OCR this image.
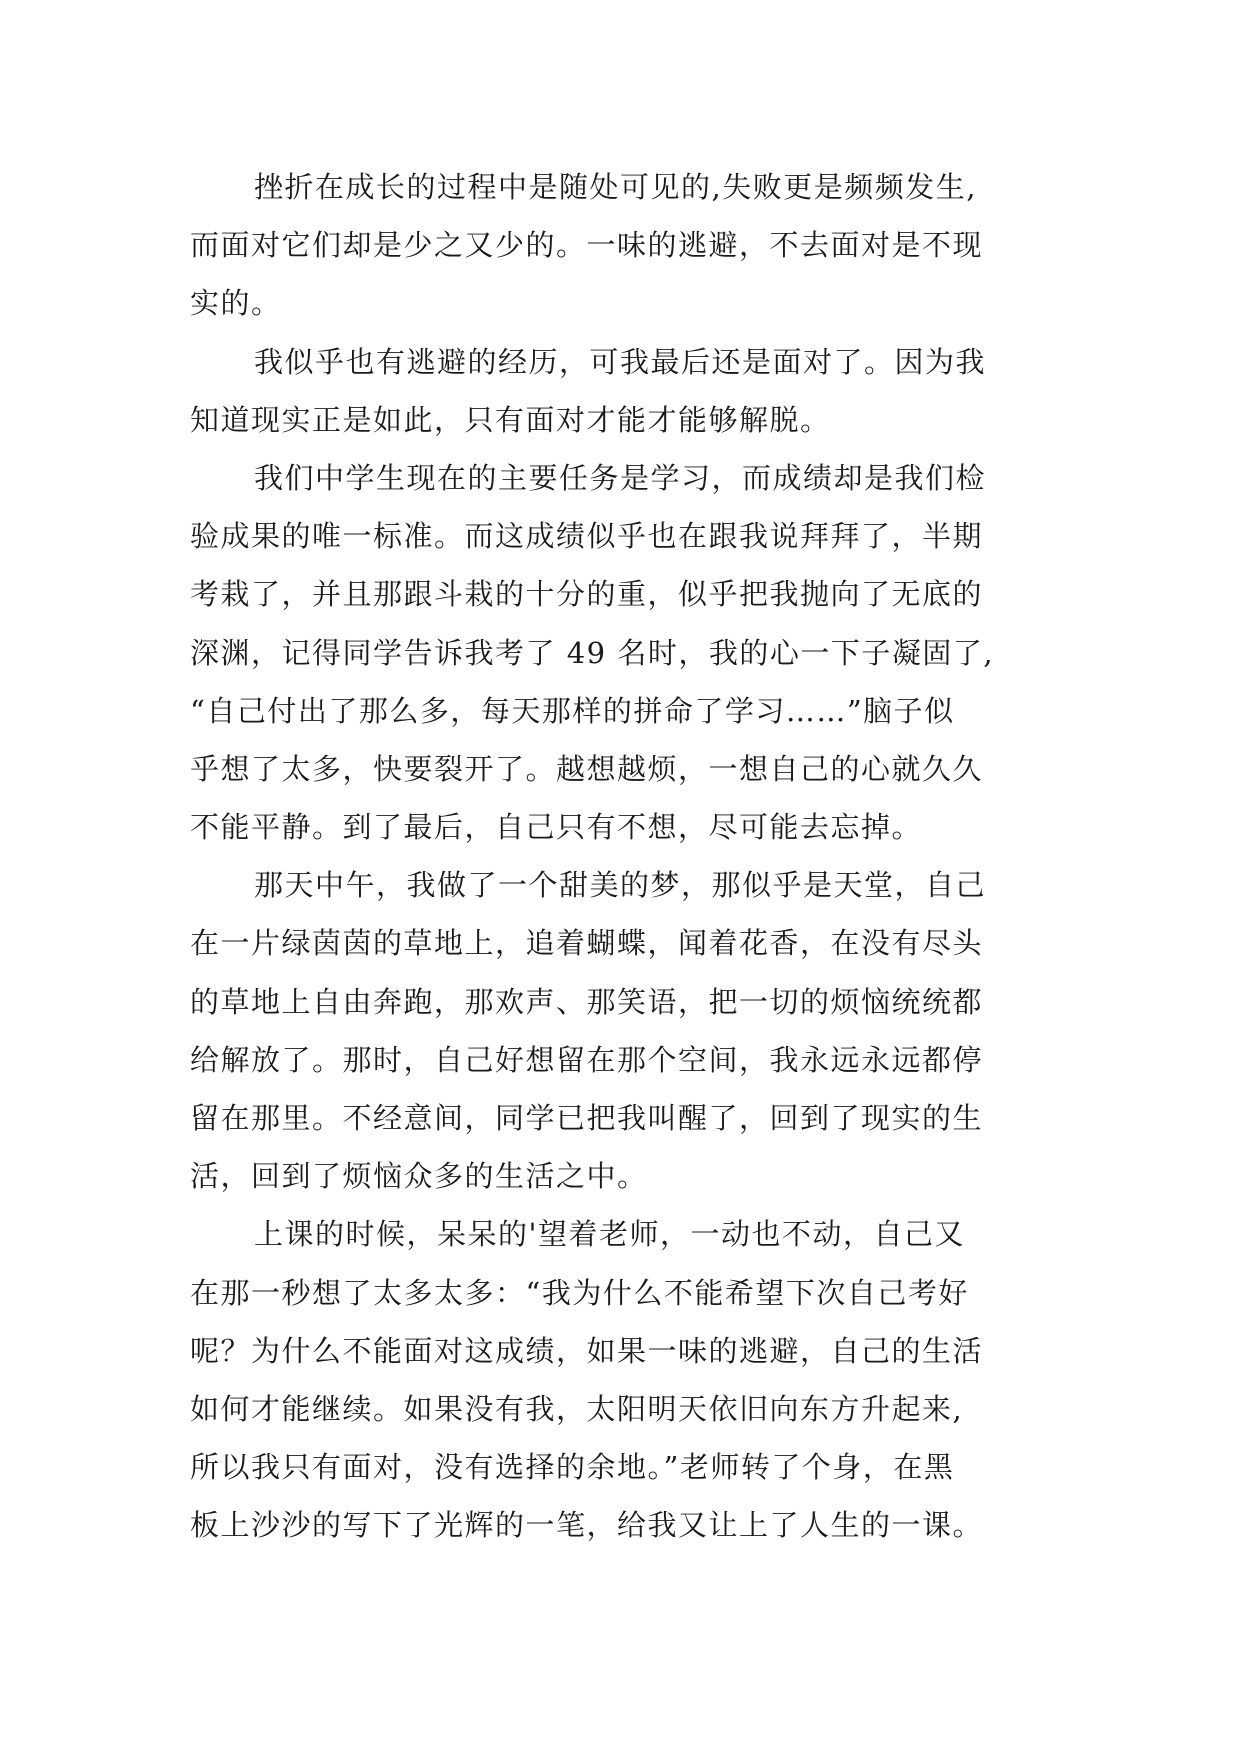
挫折在成长的过程中是随处可见的,失败更是频频发生,
而面对它们却是少之又少的。一味的逃避，不去面对是不现
实的。
我似乎也有逃避的经历，可我最后还是面对了。因为我
知道现实正是如此，只有面对才能才能够解脱。
我们中学生现在的主要任务是学习，而成绩却是我们检
验成果的唯一标准。而这成绩似乎也在跟我说拜拜了，半期
考栽了，并且那跟斗栽的十分的重，似乎把我抛向了无底的
深渊，记得同学告诉我考了 49 名时，我的心一下子凝固了,
“自己付出了那么多，每天那样的拼命了学习……”脑子似
乎想了太多，快要裂开了。越想越烦，一想自己的心就久久
不能平静。到了最后，自己只有不想，尽可能去忘掉。
那天中午，我做了一个甜美的梦，那似乎是天堂，自己
在一片绿茵茵的草地上，追着蝴蝶，闻着花香，在没有尽头
的草地上自由奔跑，那欢声、那笑语，把一切的烦恼统统都
给解放了。那时，自己好想留在那个空间，我永远永远都停
留在那里。不经意间，同学已把我叫醒了，回到了现实的生
活，回到了烦恼众多的生活之中。
上课的时候，呆呆的'望着老师，一动也不动，自己又
在那一秒想了太多太多：“我为什么不能希望下次自己考好
呢？为什么不能面对这成绩，如果一味的逃避，自己的生活
如何才能继续。如果没有我，太阳明天依旧向东方升起来,
所以我只有面对，没有选择的余地。”老师转了个身，在黑
板上沙沙的写下了光辉的一笔，给我又让上了人生的一课。
